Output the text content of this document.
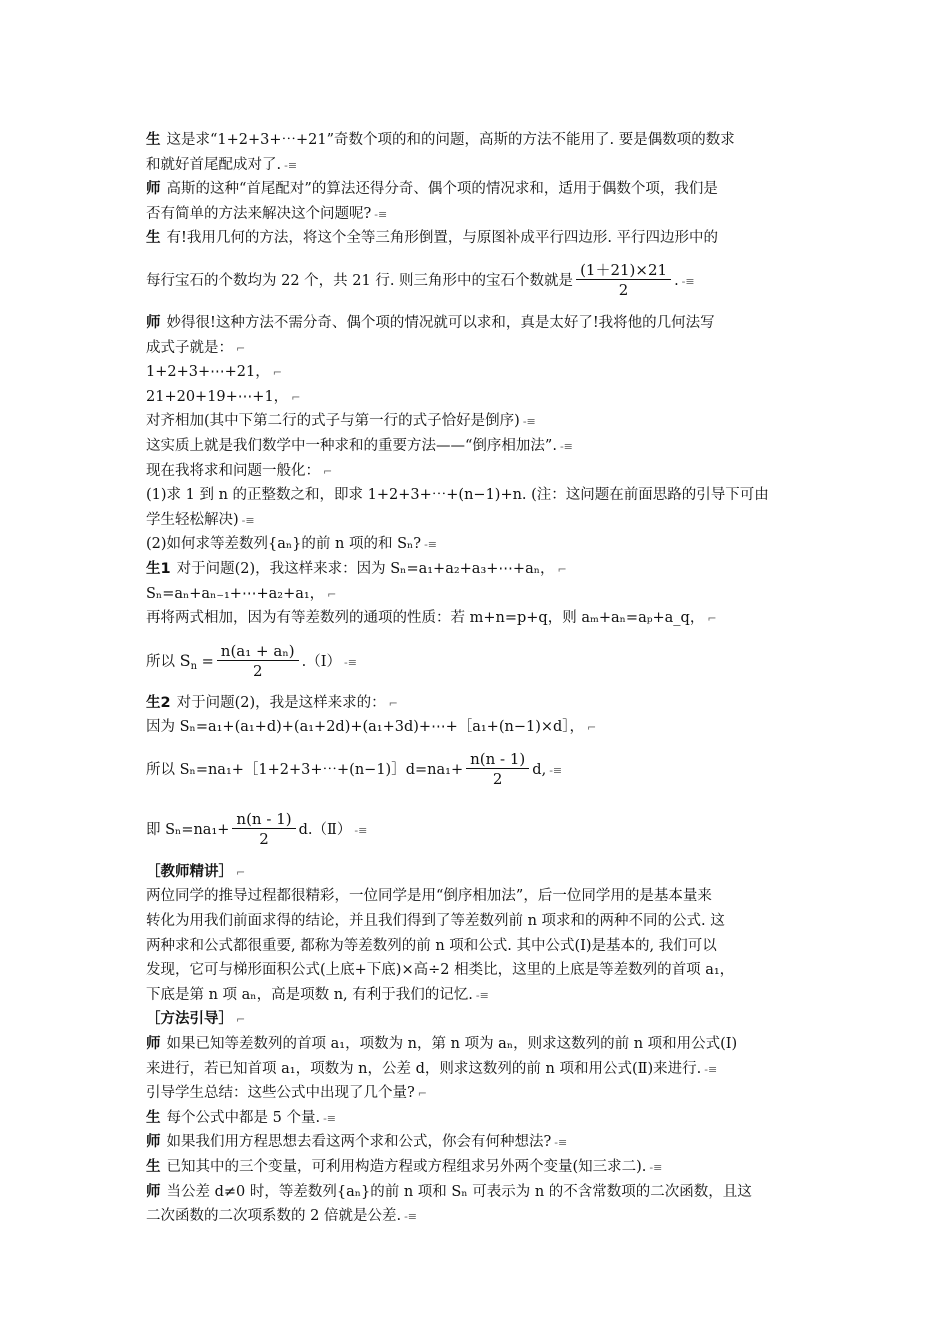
生 这是求“1+2+3+⋯+21”奇数个项的和的问题，高斯的方法不能用了. 要是偶数项的数求
和就好首尾配成对了. -≡
师 高斯的这种“首尾配对”的算法还得分奇、偶个项的情况求和，适用于偶数个项，我们是
否有简单的方法来解决这个问题呢? -≡
生 有!我用几何的方法，将这个全等三角形倒置，与原图补成平行四边形. 平行四边形中的
每行宝石的个数均为 22 个，共 21 行. 则三角形中的宝石个数就是 $\frac{(1+21)\times 21}{2}$ . -≡
师 妙得很!这种方法不需分奇、偶个项的情况就可以求和，真是太好了!我将他的几何法写
成式子就是： ⌐
1+2+3+⋯+21， ⌐
21+20+19+⋯+1， ⌐
对齐相加(其中下第二行的式子与第一行的式子恰好是倒序) -≡
这实质上就是我们数学中一种求和的重要方法——“倒序相加法”. -≡
现在我将求和问题一般化： ⌐
(1)求 1 到 n 的正整数之和，即求 1+2+3+⋯+(n−1)+n. (注：这问题在前面思路的引导下可由
学生轻松解决) -≡
(2)如何求等差数列{aₙ}的前 n 项的和 Sₙ? -≡
生1 对于问题(2)，我这样来求：因为 Sₙ=a₁+a₂+a₃+⋯+aₙ， ⌐
Sₙ=aₙ+aₙ₋₁+⋯+a₂+a₁， ⌐
再将两式相加，因为有等差数列的通项的性质：若 m+n=p+q，则 aₘ+aₙ=aₚ+a_q， ⌐
所以 $S_n = \frac{\text{n(a₁ + aₙ)}}{2}$ .（Ⅰ） -≡
生2 对于问题(2)，我是这样来求的： ⌐
因为 Sₙ=a₁+(a₁+d)+(a₁+2d)+(a₁+3d)+⋯+［a₁+(n−1)×d］， ⌐
所以 Sₙ=na₁+［1+2+3+⋯+(n−1)］d=na₁+ $\frac{n(n - 1)}{2} d$, -≡
即 $S_n=na_1+ \frac{n(n - 1)}{2}$ d.（Ⅱ） -≡
［教师精讲］ ⌐
两位同学的推导过程都很精彩，一位同学是用“倒序相加法”，后一位同学用的是基本量来
转化为用我们前面求得的结论，并且我们得到了等差数列前 n 项求和的两种不同的公式. 这
两种求和公式都很重要, 都称为等差数列的前 n 项和公式. 其中公式(Ⅰ)是基本的, 我们可以
发现，它可与梯形面积公式(上底+下底)×高÷2 相类比，这里的上底是等差数列的首项 a₁，
下底是第 n 项 aₙ，高是项数 n, 有利于我们的记忆. -≡
［方法引导］ ⌐
师 如果已知等差数列的首项 a₁，项数为 n，第 n 项为 aₙ，则求这数列的前 n 项和用公式(Ⅰ)
来进行，若已知首项 a₁，项数为 n，公差 d，则求这数列的前 n 项和用公式(Ⅱ)来进行. -≡
引导学生总结：这些公式中出现了几个量? ⌐
生 每个公式中都是 5 个量. -≡
师 如果我们用方程思想去看这两个求和公式，你会有何种想法? -≡
生 已知其中的三个变量，可利用构造方程或方程组求另外两个变量(知三求二). -≡
师 当公差 d≠0 时，等差数列{aₙ}的前 n 项和 Sₙ 可表示为 n 的不含常数项的二次函数，且这
二次函数的二次项系数的 2 倍就是公差. -≡
